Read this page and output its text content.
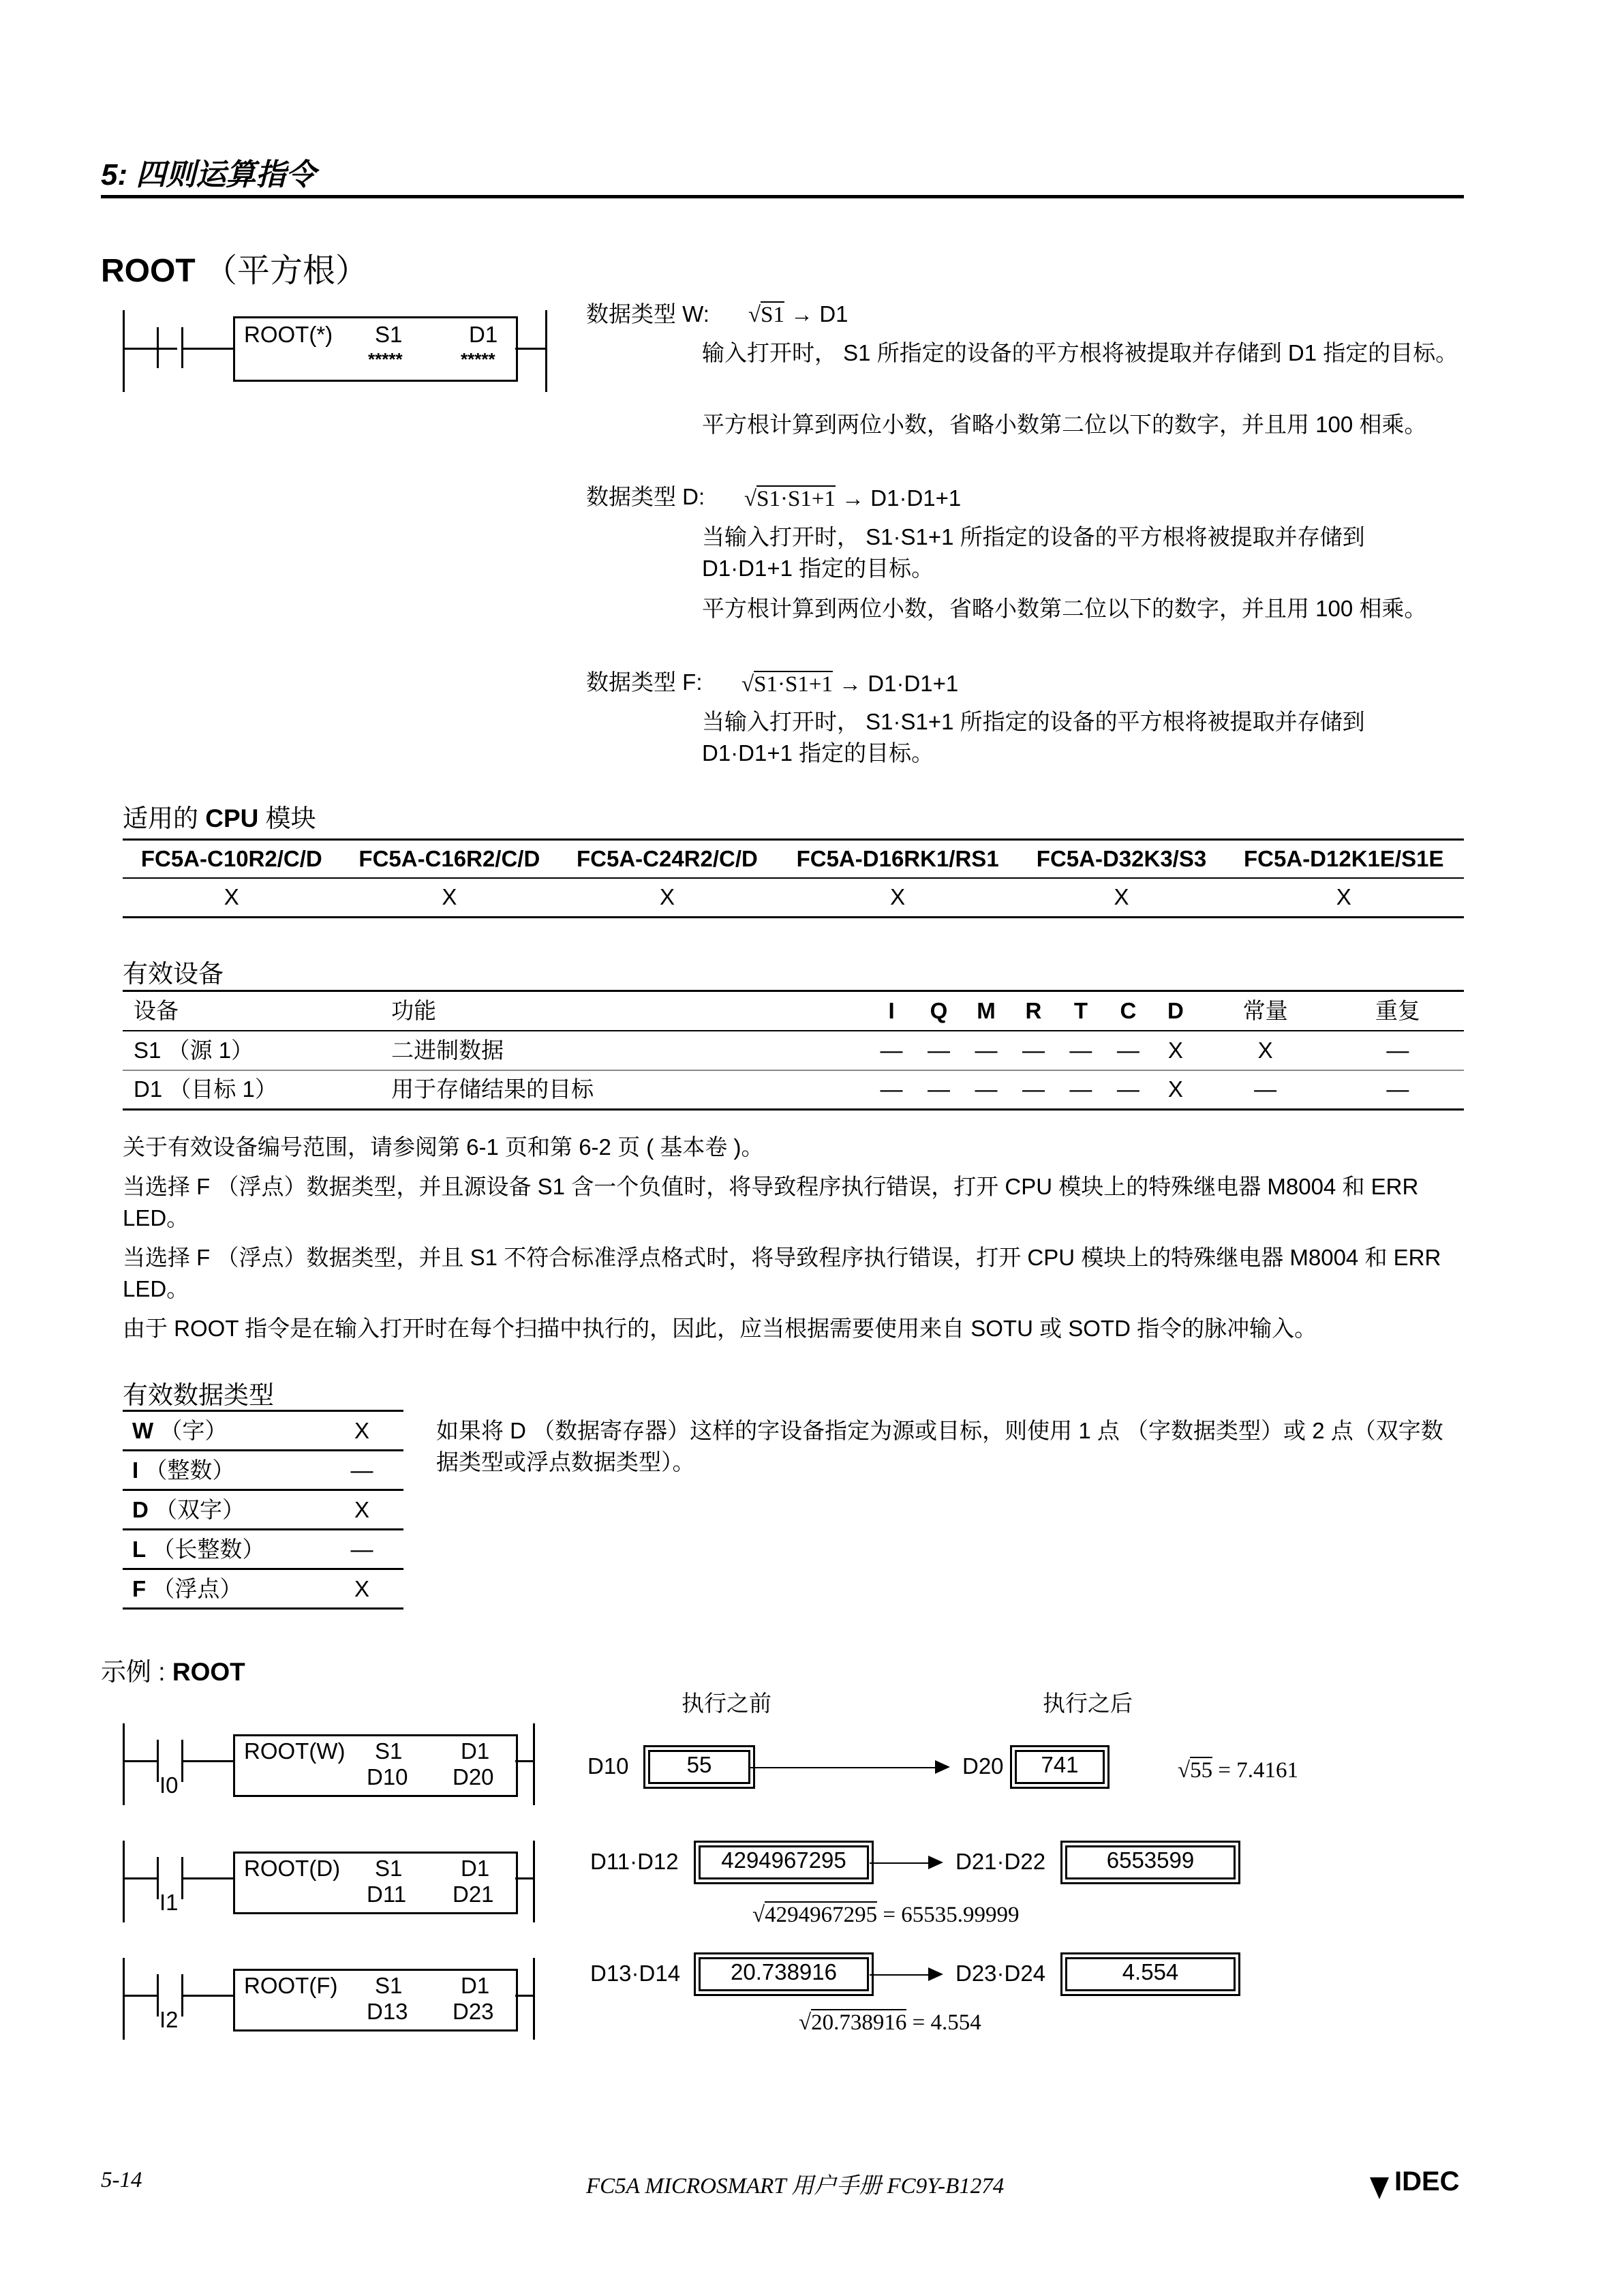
5: 四则运算指令
ROOT （平方根）
ROOT(*) S1	D1
*****	*****
数据类型 W: √S1 → D1
输入打开时， S1 所指定的设备的平方根将被提取并存储到 D1 指定的目标。
平方根计算到两位小数，省略小数第二位以下的数字，并且用 100 相乘。
数据类型 D: √S1·S1+1 → D1·D1+1
当输入打开时， S1·S1+1 所指定的设备的平方根将被提取并存储到 D1·D1+1 指定的目标。
平方根计算到两位小数，省略小数第二位以下的数字，并且用 100 相乘。
数据类型 F: √S1·S1+1 → D1·D1+1
当输入打开时， S1·S1+1 所指定的设备的平方根将被提取并存储到 D1·D1+1 指定的目标。
适用的 CPU 模块
FC5A-C10R2/C/D	FC5A-C16R2/C/D	FC5A-C24R2/C/D	FC5A-D16RK1/RS1	FC5A-D32K3/S3	FC5A-D12K1E/S1E
X	X	X	X	X	X
有效设备
设备	功能	I	Q	M	R	T	C	D	常量	重复
S1 （源 1）	二进制数据	—	—	—	—	—	—	X	X	—
D1 （目标 1）	用于存储结果的目标	—	—	—	—	—	—	X	—	—
关于有效设备编号范围，请参阅第 6-1 页和第 6-2 页 ( 基本卷 )。
当选择 F （浮点）数据类型，并且源设备 S1 含一个负值时，将导致程序执行错误，打开 CPU 模块上的特殊继电器 M8004 和 ERR LED。
当选择 F （浮点）数据类型，并且 S1 不符合标准浮点格式时，将导致程序执行错误，打开 CPU 模块上的特殊继电器 M8004 和 ERR LED。
由于 ROOT 指令是在输入打开时在每个扫描中执行的，因此，应当根据需要使用来自 SOTU 或 SOTD 指令的脉冲输入。
有效数据类型
W （字）	X
I （整数）	—
D （双字）	X
L （长整数）	—
F （浮点）	X
如果将 D （数据寄存器）这样的字设备指定为源或目标，则使用 1 点 （字数据类型）或 2 点（双字数据类型或浮点数据类型）。
示例 : ROOT
执行之前	执行之后
I0
ROOT(W) S1	D1
D10 D20	D10	55	D20	741	√55 = 7.4161
I1
ROOT(D) S1	D1
D11 D21
D11·D12	4294967295	D21·D22	6553599
√4294967295 = 65535.99999
I2
ROOT(F) S1	D1
D13 D23
D13·D14	20.738916	D23·D24	4.554
√20.738916 = 4.554
5-14	FC5A MICROSMART 用户手册 FC9Y-B1274	IDEC
